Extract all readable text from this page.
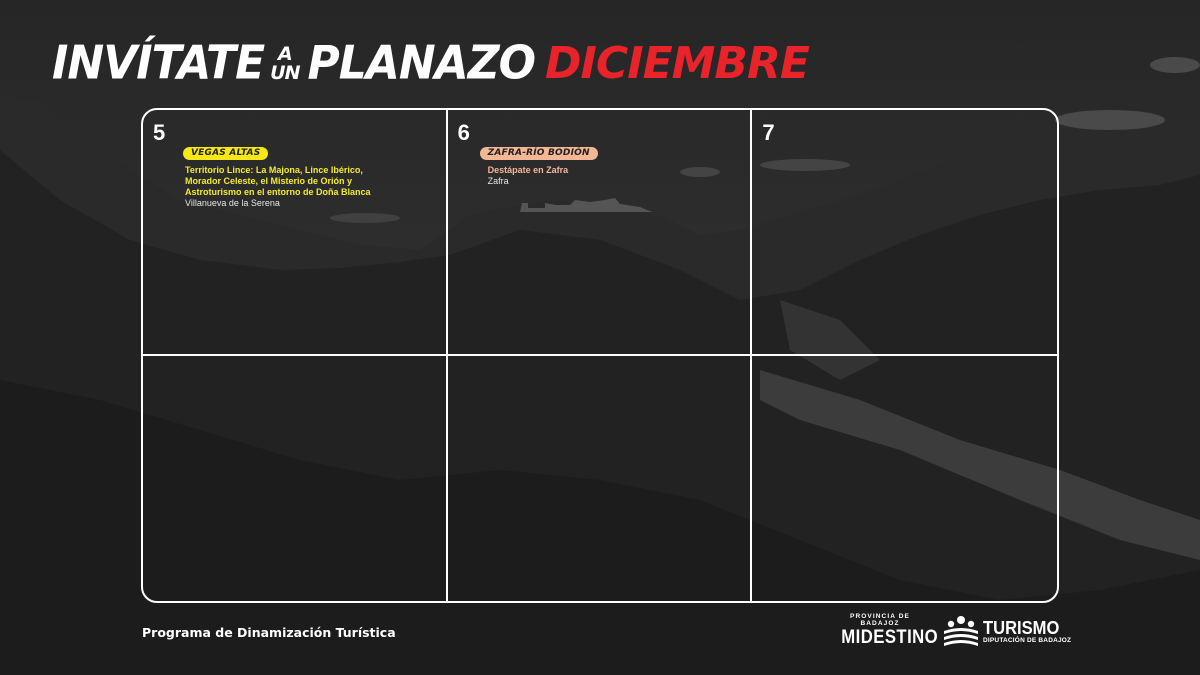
INVÍTATE A
UN PLANAZO DICIEMBRE
5
VEGAS ALTAS
Territorio Lince: La Majona, Lince Ibérico, Morador Celeste, el Misterio de Orión y Astroturismo en el entorno de Doña Blanca
Villanueva de la Serena
6
ZAFRA-RÍO BODIÓN
Destápate en Zafra
Zafra
7
Programa de Dinamización Turística
PROVINCIA DE BADAJOZ
MIDESTINO TURISMO
DIPUTACIÓN DE BADAJOZ
